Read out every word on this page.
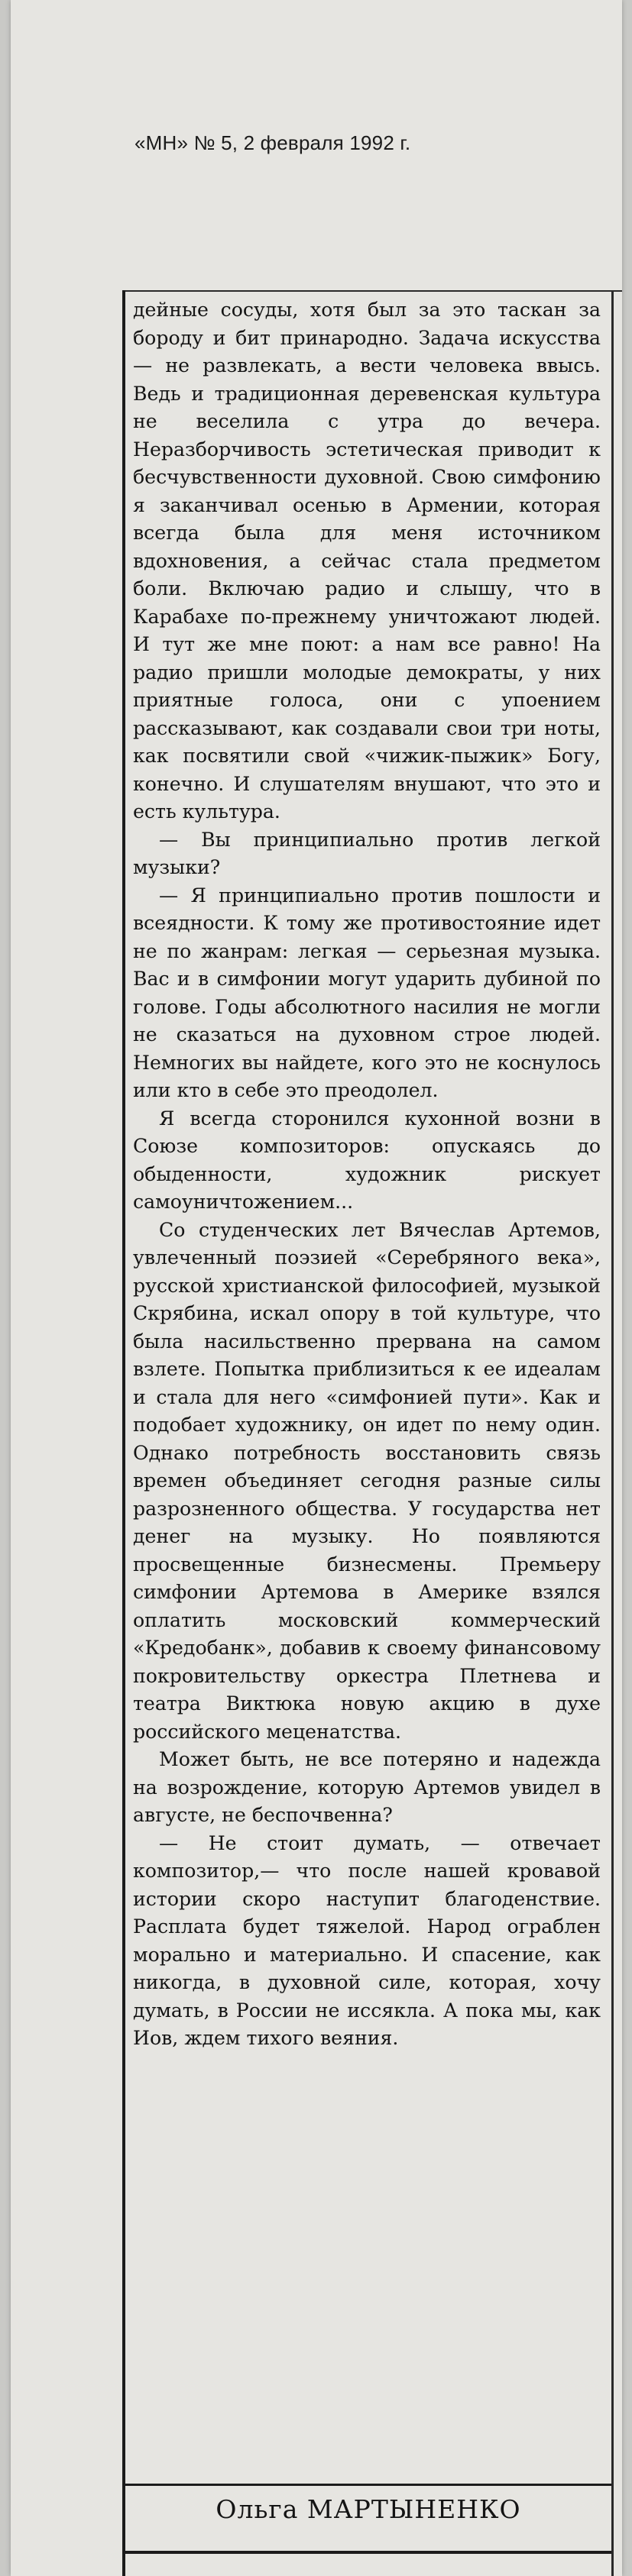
«МН» № 5, 2 февраля 1992 г.

дейные сосуды, хотя был за это таскан за бороду и бит принародно. Задача искусства — не развлекать, а вести человека ввысь. Ведь и традиционная деревенская культура не веселила с утра до вечера. Неразборчивость эстетическая приводит к бесчувственности духовной. Свою симфонию я заканчивал осенью в Армении, которая всегда была для меня источником вдохновения, а сейчас стала предметом боли. Включаю радио и слышу, что в Карабахе по-прежнему уничтожают людей. И тут же мне поют: а нам все равно! На радио пришли молодые демократы, у них приятные голоса, они с упоением рассказывают, как создавали свои три ноты, как посвятили свой «чижик-пыжик» Богу, конечно. И слушателям внушают, что это и есть культура.

— Вы принципиально против легкой музыки?

— Я принципиально против пошлости и всеядности. К тому же противостояние идет не по жанрам: легкая — серьезная музыка. Вас и в симфонии могут ударить дубиной по голове. Годы абсолютного насилия не могли не сказаться на духовном строе людей. Немногих вы найдете, кого это не коснулось или кто в себе это преодолел.

Я всегда сторонился кухонной возни в Союзе композиторов: опускаясь до обыденности, художник рискует самоуничтожением...

Со студенческих лет Вячеслав Артемов, увлеченный поэзией «Серебряного века», русской христианской философией, музыкой Скрябина, искал опору в той культуре, что была насильственно прервана на самом взлете. Попытка приблизиться к ее идеалам и стала для него «симфонией пути». Как и подобает художнику, он идет по нему один. Однако потребность восстановить связь времен объединяет сегодня разные силы разрозненного общества. У государства нет денег на музыку. Но появляются просвещенные бизнесмены. Премьеру симфонии Артемова в Америке взялся оплатить московский коммерческий «Кредобанк», добавив к своему финансовому покровительству оркестра Плетнева и театра Виктюка новую акцию в духе российского меценатства.

Может быть, не все потеряно и надежда на возрождение, которую Артемов увидел в августе, не беспочвенна?

— Не стоит думать, — отвечает композитор,— что после нашей кровавой истории скоро наступит благоденствие. Расплата будет тяжелой. Народ ограблен морально и материально. И спасение, как никогда, в духовной силе, которая, хочу думать, в России не иссякла. А пока мы, как Иов, ждем тихого веяния.

Ольга МАРТЫНЕНКО
